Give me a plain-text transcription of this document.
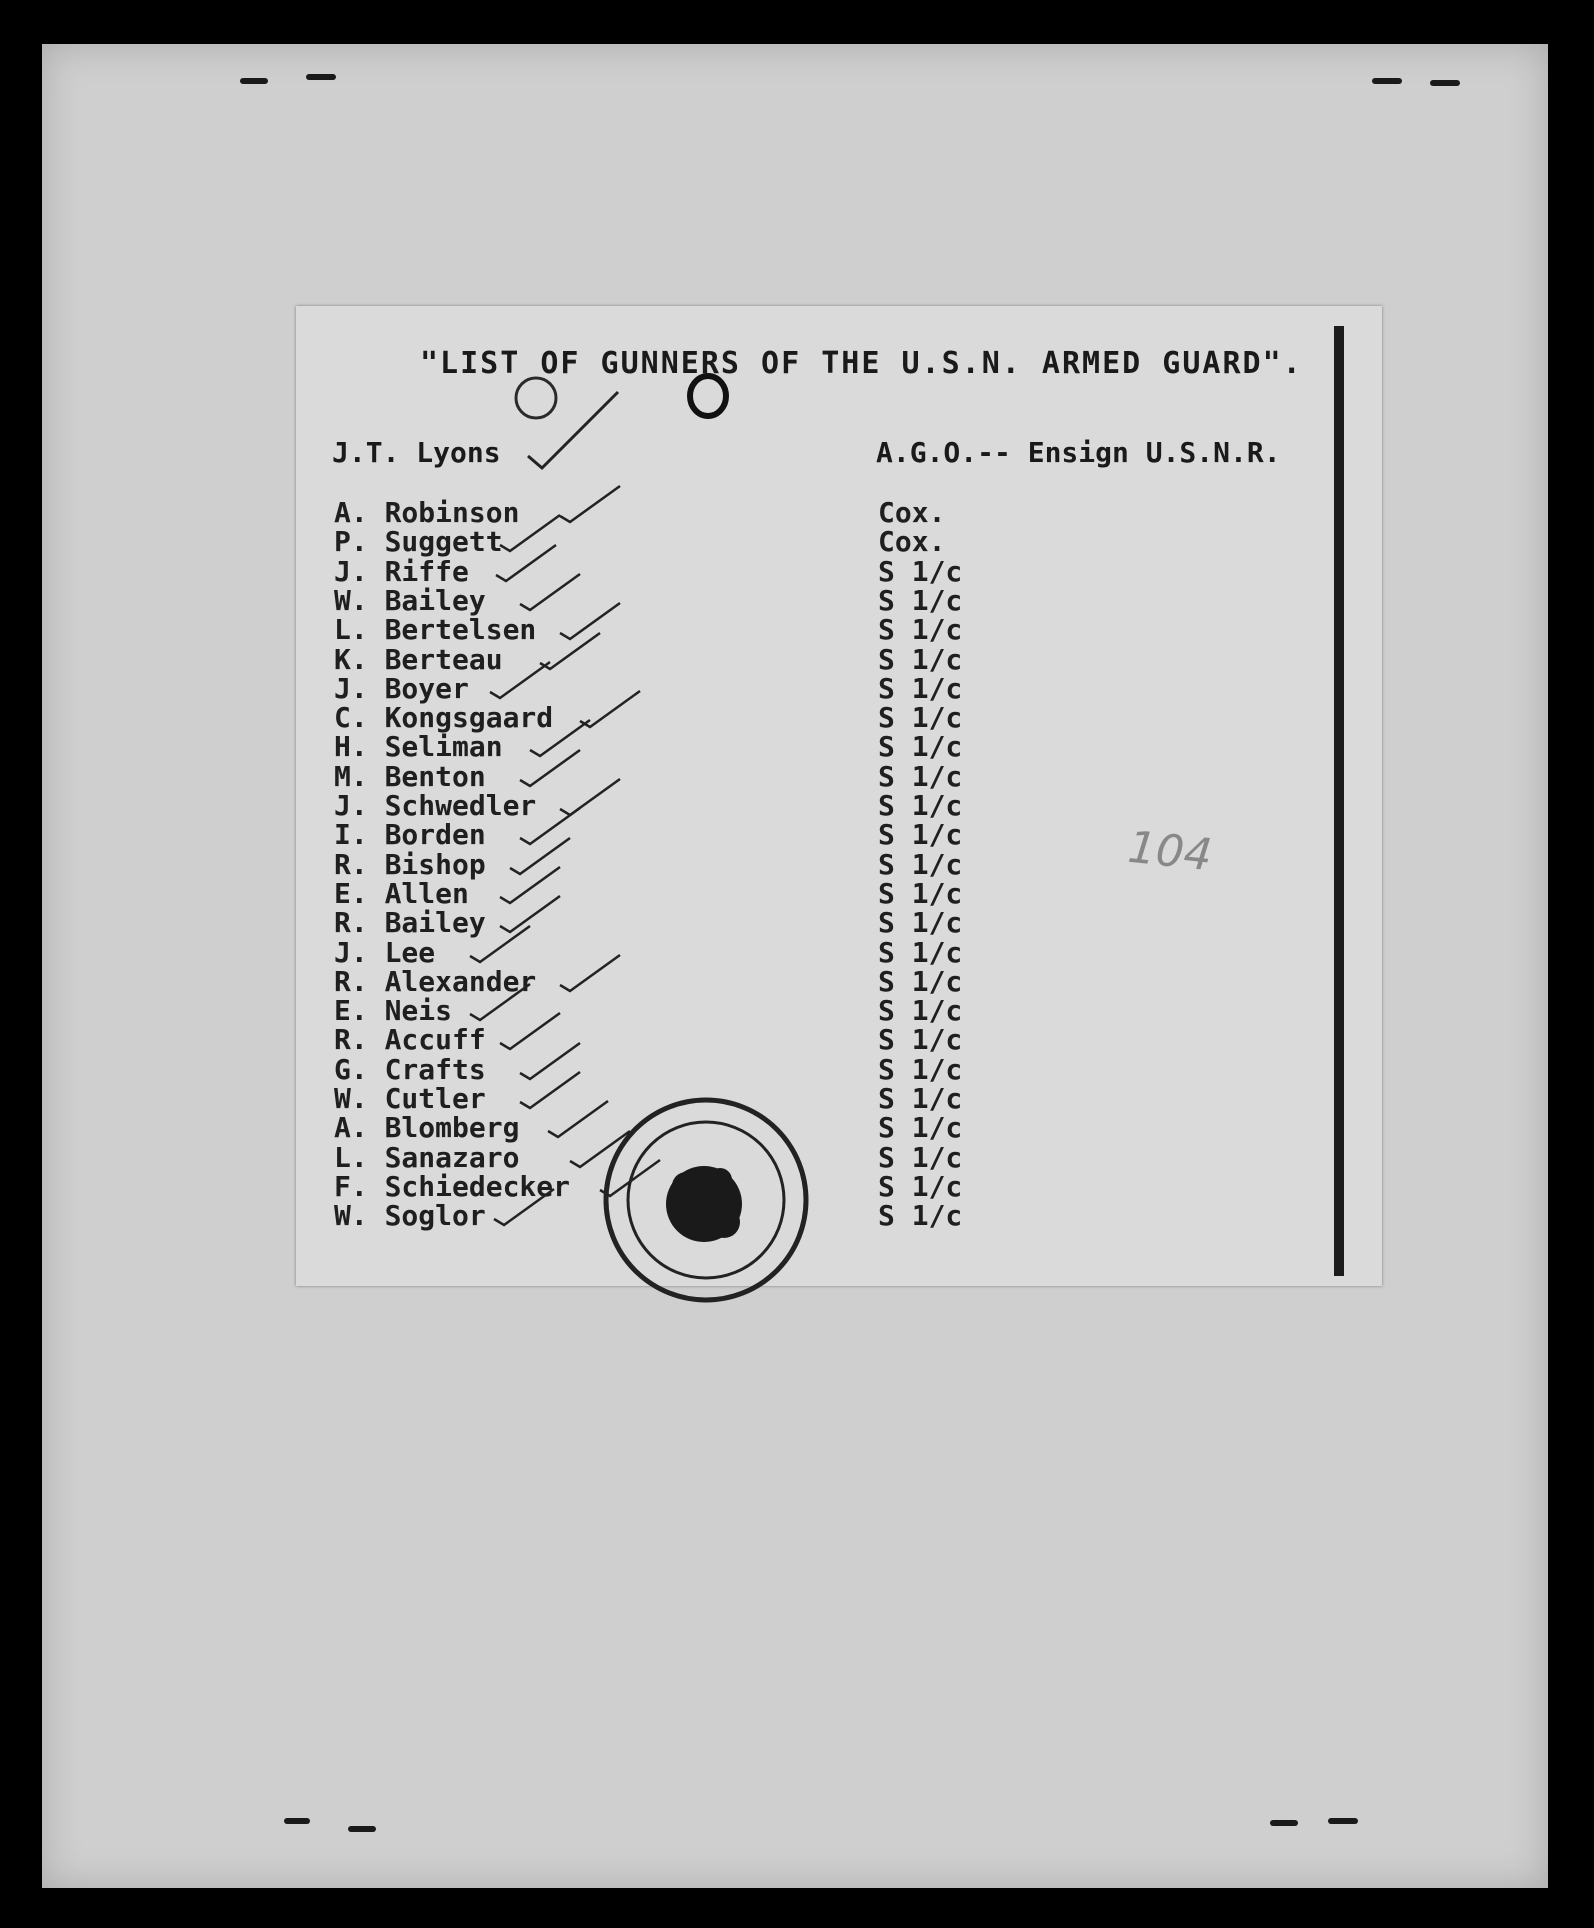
"LIST OF GUNNERS OF THE U.S.N. ARMED GUARD".
J.T. Lyons	A.G.O.-- Ensign U.S.N.R.
A. Robinson	Cox.
P. Suggett	Cox.
J. Riffe	S 1/c
W. Bailey	S 1/c
L. Bertelsen	S 1/c
K. Berteau	S 1/c
J. Boyer	S 1/c
C. Kongsgaard	S 1/c
H. Seliman	S 1/c
M. Benton	S 1/c
J. Schwedler	S 1/c
I. Borden	S 1/c
R. Bishop	S 1/c
E. Allen	S 1/c
R. Bailey	S 1/c
J. Lee	S 1/c
R. Alexander	S 1/c
E. Neis	S 1/c
R. Accuff	S 1/c
G. Crafts	S 1/c
W. Cutler	S 1/c
A. Blomberg	S 1/c
L. Sanazaro	S 1/c
F. Schiedecker	S 1/c
W. Soglor	S 1/c
104
